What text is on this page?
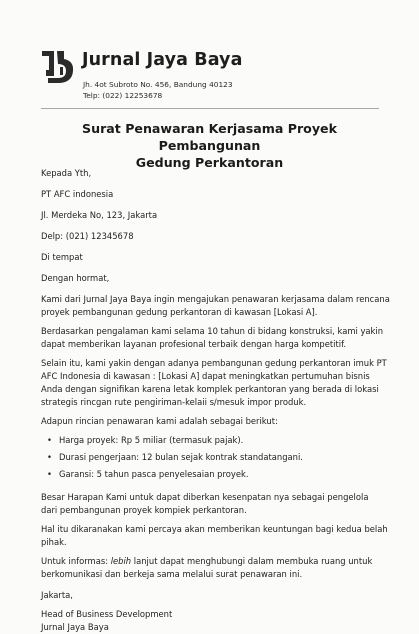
Jurnal Jaya Baya
Jh. 4ot Subroto No. 456, Bandung 40123
Telp: (022) 12253678
Surat Penawaran Kerjasama Proyek Pembangunan
Gedung Perkantoran

Kepada Yth,

PT AFC indonesia

Jl. Merdeka No, 123, Jakarta

Delp: (021) 12345678

Di tempat

Dengan hormat,

Kami dari Jurnal Jaya Baya ingin mengajukan penawaran kerjasama dalam rencana

proyek pembangunan gedung perkantoran di kawasan [Lokasi A].

Berdasarkan pengalaman kami selama 10 tahun di bidang konstruksi, kami yakin

dapat memberikan layanan profesional terbaik dengan harga kompetitif.

Selain itu, kami yakin dengan adanya pembangunan gedung perkantoran imuk PT

AFC Indonesia di kawasan : [Lokasi A] dapat meningkatkan pertumuhan bisnis

Anda dengan signifikan karena letak komplek perkantoran yang berada di lokasi

strategis rincgan rute pengiriman-kelaii s/mesuk impor produk.

Adapun rincian penawaran kami adalah sebagai berikut:

• Harga proyek: Rp 5 miliar (termasuk pajak).
• Durasi pengerjaan: 12 bulan sejak kontrak standatangani.
• Garansi: 5 tahun pasca penyelesaian proyek.

Besar Harapan Kami untuk dapat diberkan kesenpatan nya sebagai pengelola

dari pembangunan proyek kompiek perkantoran.

Hal itu dikaranakan kami percaya akan memberikan keuntungan bagi kedua belah

pihak.

Untuk informas: lebih lanjut dapat menghubungi dalam membuka ruang untuk

berkomunikasi dan berkeja sama melalui surat penawaran ini.

Jakarta,

Head of Business Development

Jurnal Jaya Baya
